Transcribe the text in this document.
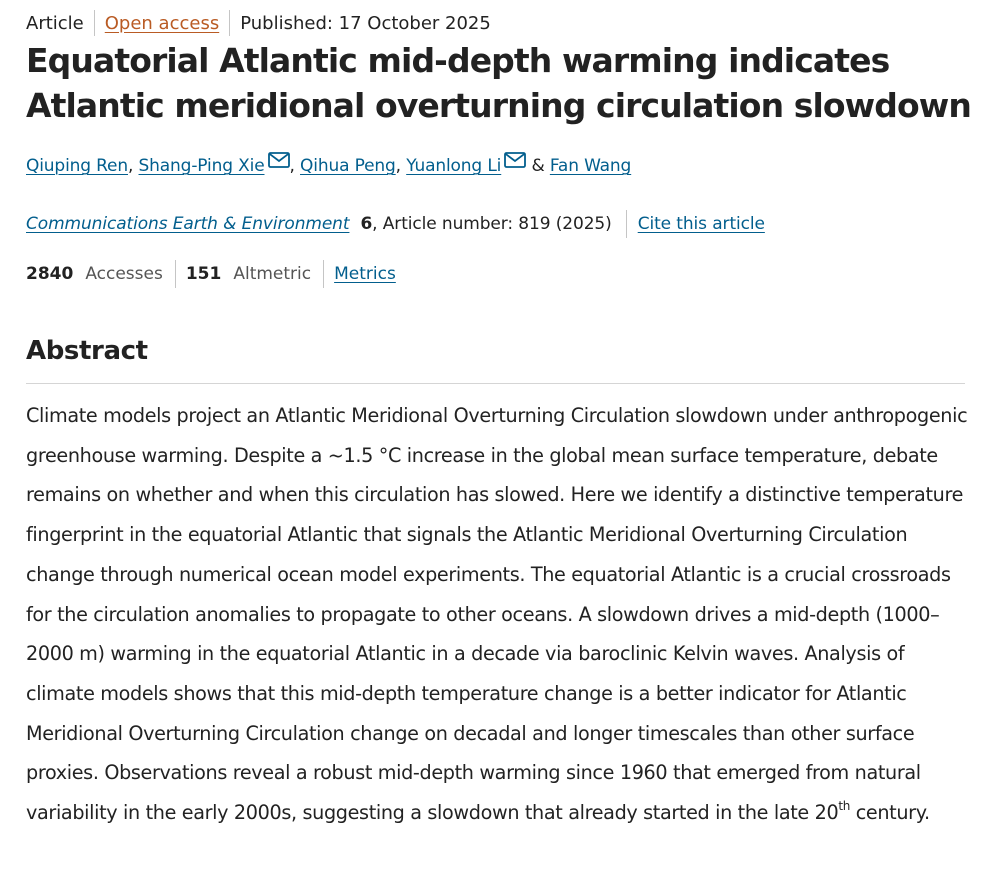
Article Open access Published: 17 October 2025
Equatorial Atlantic mid-depth warming indicates Atlantic meridional overturning circulation slowdown
Qiuping Ren, Shang-Ping Xie , Qihua Peng, Yuanlong Li & Fan Wang
Communications Earth & Environment 6 , Article number: 819 (2025) Cite this article
2840 Accesses 151 Altmetric Metrics
Abstract

Climate models project an Atlantic Meridional Overturning Circulation slowdown under anthropogenic greenhouse warming. Despite a ~1.5 °C increase in the global mean surface temperature, debate remains on whether and when this circulation has slowed. Here we identify a distinctive temperature fingerprint in the equatorial Atlantic that signals the Atlantic Meridional Overturning Circulation change through numerical ocean model experiments. The equatorial Atlantic is a crucial crossroads for the circulation anomalies to propagate to other oceans. A slowdown drives a mid-depth (1000–2000 m) warming in the equatorial Atlantic in a decade via baroclinic Kelvin waves. Analysis of climate models shows that this mid-depth temperature change is a better indicator for Atlantic Meridional Overturning Circulation change on decadal and longer timescales than other surface proxies. Observations reveal a robust mid-depth warming since 1960 that emerged from natural variability in the early 2000s, suggesting a slowdown that already started in the late 20th century.
